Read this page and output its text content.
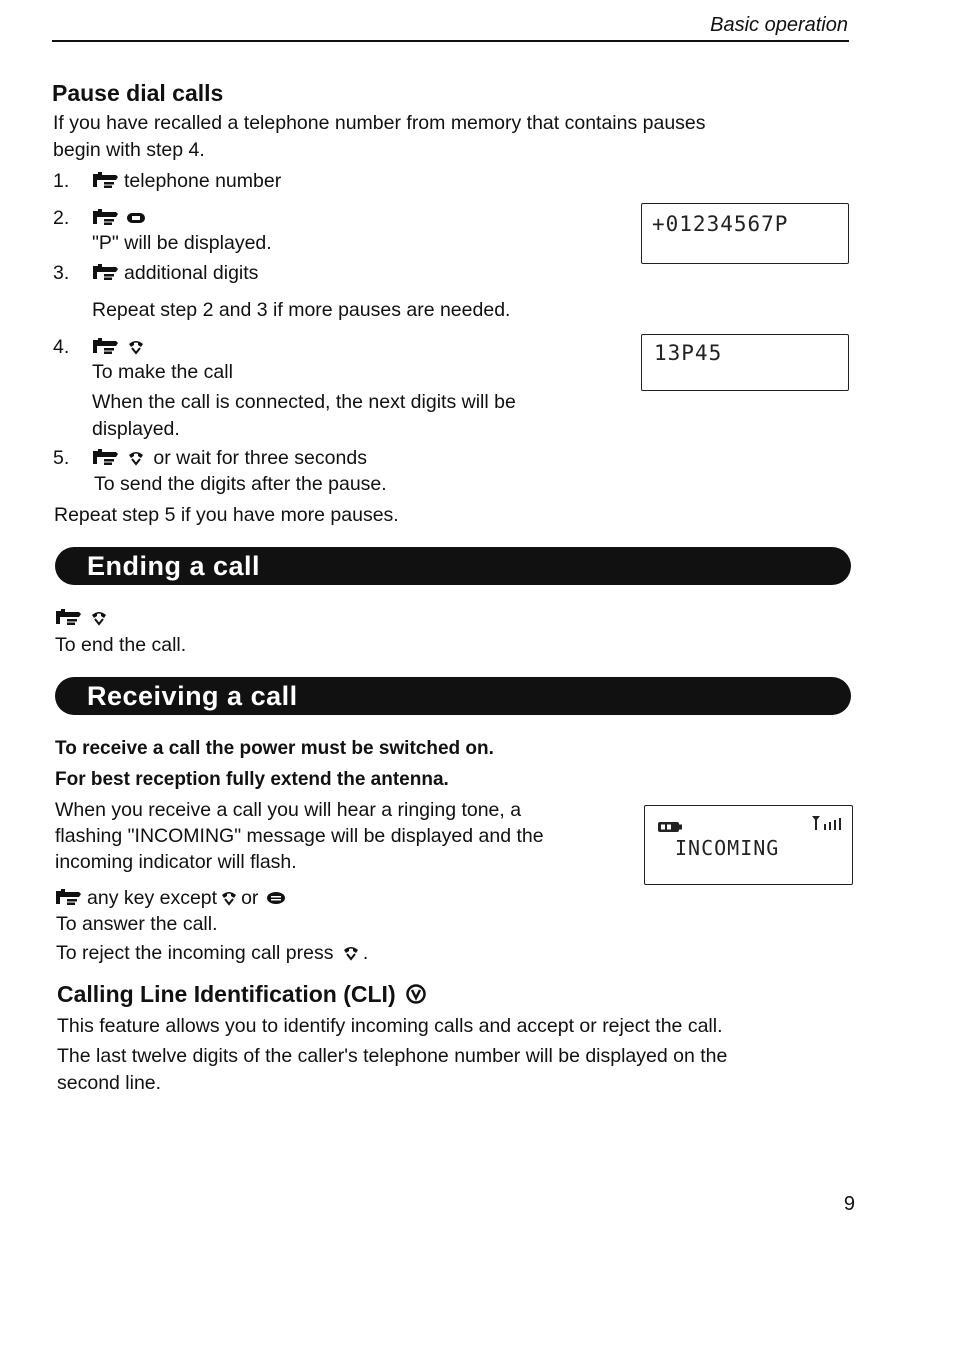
Basic operation
Pause dial calls
If you have recalled a telephone number from memory that contains pauses
begin with step 4.
1.	telephone number
2.
"P" will be displayed.
+01234567P
3.	additional digits
Repeat step 2 and 3 if more pauses are needed.
4.
To make the call
When the call is connected, the next digits will be
displayed.
13P45
5.	or wait for three seconds
To send the digits after the pause.
Repeat step 5 if you have more pauses.
Ending a call
To end the call.
Receiving a call
To receive a call the power must be switched on.
For best reception fully extend the antenna.
When you receive a call you will hear a ringing tone, a
flashing "INCOMING" message will be displayed and the
incoming indicator will flash.
INCOMING
any key except or
To answer the call.
To reject the incoming call press .
Calling Line Identification (CLI)
This feature allows you to identify incoming calls and accept or reject the call.
The last twelve digits of the caller's telephone number will be displayed on the
second line.
9
